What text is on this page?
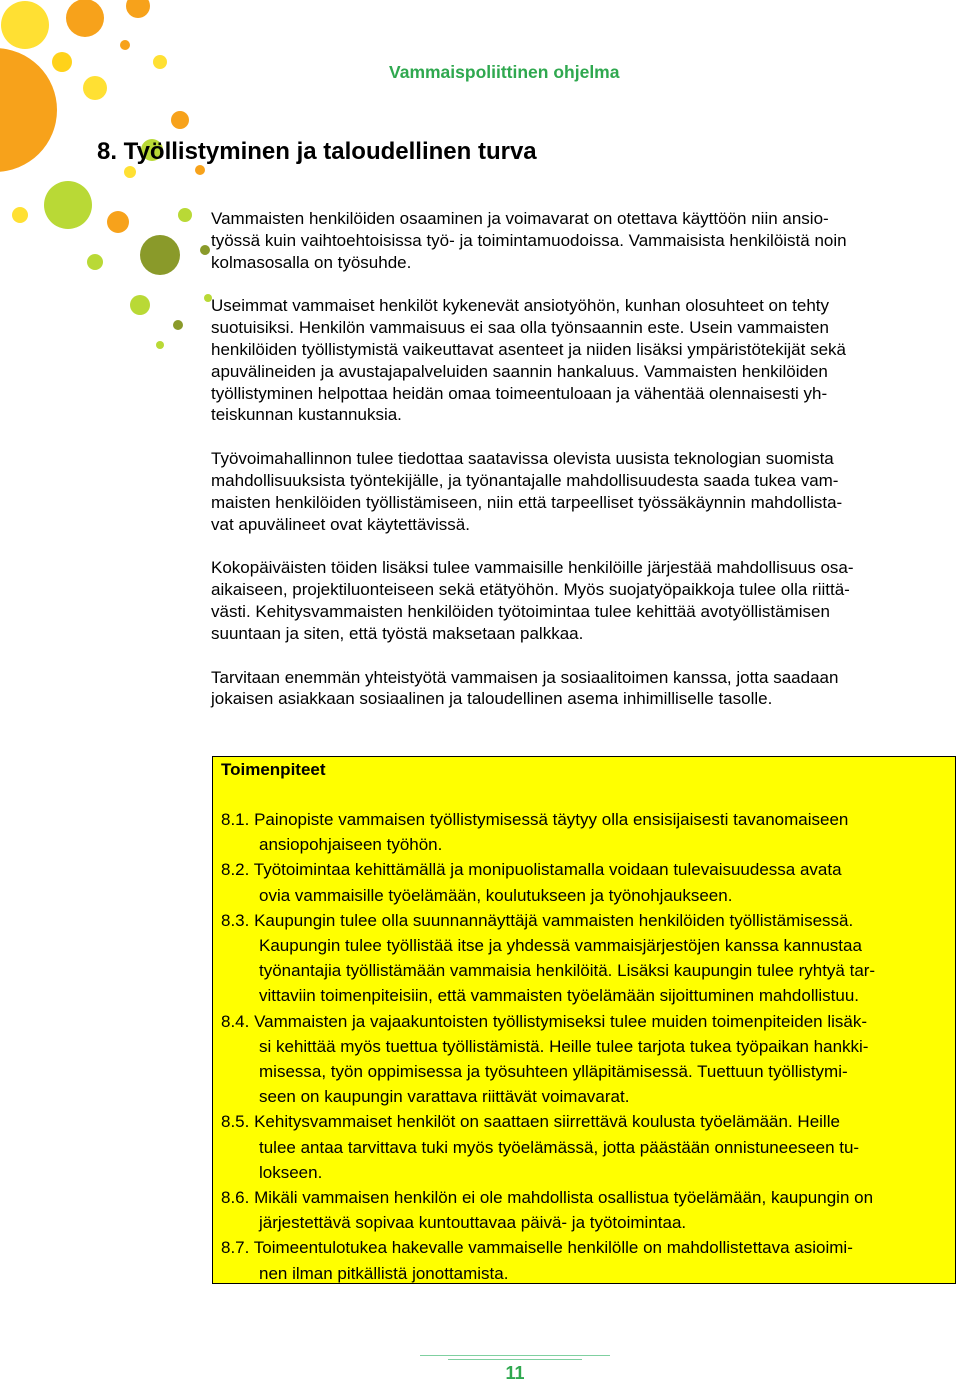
Vammaispoliittinen ohjelma
8. Työllistyminen ja taloudellinen turva

Vammaisten henkilöiden osaaminen ja voimavarat on otettava käyttöön niin ansio-
työssä kuin vaihtoehtoisissa työ- ja toimintamuodoissa. Vammaisista henkilöistä noin
kolmasosalla on työsuhde.

Useimmat vammaiset henkilöt kykenevät ansiotyöhön, kunhan olosuhteet on tehty
suotuisiksi. Henkilön vammaisuus ei saa olla työnsaannin este. Usein vammaisten
henkilöiden työllistymistä vaikeuttavat asenteet ja niiden lisäksi ympäristötekijät sekä
apuvälineiden ja avustajapalveluiden saannin hankaluus. Vammaisten henkilöiden
työllistyminen helpottaa heidän omaa toimeentuloaan ja vähentää olennaisesti yh-
teiskunnan kustannuksia.

Työvoimahallinnon tulee tiedottaa saatavissa olevista uusista teknologian suomista
mahdollisuuksista työntekijälle, ja työnantajalle mahdollisuudesta saada tukea vam-
maisten henkilöiden työllistämiseen, niin että tarpeelliset työssäkäynnin mahdollista-
vat apuvälineet ovat käytettävissä.

Kokopäiväisten töiden lisäksi tulee vammaisille henkilöille järjestää mahdollisuus osa-
aikaiseen, projektiluonteiseen sekä etätyöhön. Myös suojatyöpaikkoja tulee olla riittä-
västi. Kehitysvammaisten henkilöiden työtoimintaa tulee kehittää avotyöllistämisen
suuntaan ja siten, että työstä maksetaan palkkaa.

Tarvitaan enemmän yhteistyötä vammaisen ja sosiaalitoimen kanssa, jotta saadaan
jokaisen asiakkaan sosiaalinen ja taloudellinen asema inhimilliselle tasolle.

Toimenpiteet
8.1. Painopiste vammaisen työllistymisessä täytyy olla ensisijaisesti tavanomaiseen
ansiopohjaiseen työhön.
8.2. Työtoimintaa kehittämällä ja monipuolistamalla voidaan tulevaisuudessa avata
ovia vammaisille työelämään, koulutukseen ja työnohjaukseen.
8.3. Kaupungin tulee olla suunnannäyttäjä vammaisten henkilöiden työllistämisessä.
Kaupungin tulee työllistää itse ja yhdessä vammaisjärjestöjen kanssa kannustaa
työnantajia työllistämään vammaisia henkilöitä. Lisäksi kaupungin tulee ryhtyä tar-
vittaviin toimenpiteisiin, että vammaisten työelämään sijoittuminen mahdollistuu.
8.4. Vammaisten ja vajaakuntoisten työllistymiseksi tulee muiden toimenpiteiden lisäk-
si kehittää myös tuettua työllistämistä. Heille tulee tarjota tukea työpaikan hankki-
misessa, työn oppimisessa ja työsuhteen ylläpitämisessä. Tuettuun työllistymi-
seen on kaupungin varattava riittävät voimavarat.
8.5. Kehitysvammaiset henkilöt on saattaen siirrettävä koulusta työelämään. Heille
tulee antaa tarvittava tuki myös työelämässä, jotta päästään onnistuneeseen tu-
lokseen.
8.6. Mikäli vammaisen henkilön ei ole mahdollista osallistua työelämään, kaupungin on
järjestettävä sopivaa kuntouttavaa päivä- ja työtoimintaa.
8.7. Toimeentulotukea hakevalle vammaiselle henkilölle on mahdollistettava asioimi-
nen ilman pitkällistä jonottamista.
11
